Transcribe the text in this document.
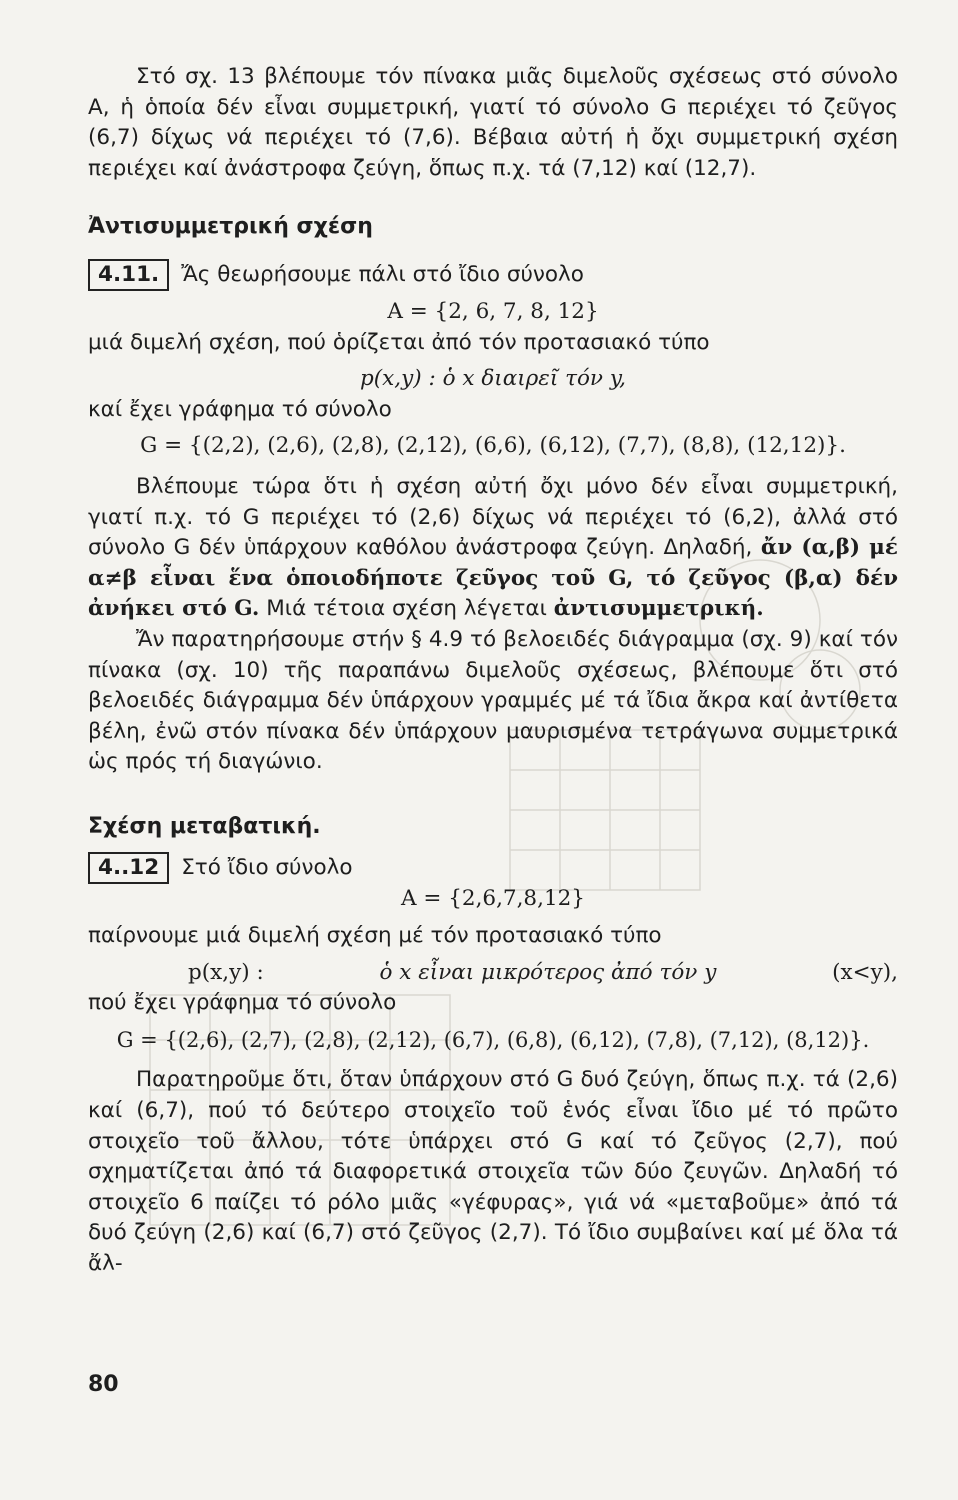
Στό σχ. 13 βλέπουμε τόν πίνακα μιᾶς διμελοῦς σχέσεως στό σύνολο Α, ἡ ὁποία δέν εἶναι συμμετρική, γιατί τό σύνολο G περιέχει τό ζεῦγος (6,7) δίχως νά περιέχει τό (7,6). Βέβαια αὐτή ἡ ὄχι συμμετρική σχέση περιέχει καί ἀνάστροφα ζεύγη, ὅπως π.χ. τά (7,12) καί (12,7).

Ἀντισυμμετρική σχέση

4.11. Ἄς θεωρήσουμε πάλι στό ἴδιο σύνολο

Α = {2, 6, 7, 8, 12}

μιά διμελή σχέση, πού ὁρίζεται ἀπό τόν προτασιακό τύπο

p(x,y) : ὁ x διαιρεῖ τόν y,

καί ἔχει γράφημα τό σύνολο

G = {(2,2), (2,6), (2,8), (2,12), (6,6), (6,12), (7,7), (8,8), (12,12)}.

Βλέπουμε τώρα ὅτι ἡ σχέση αὐτή ὄχι μόνο δέν εἶναι συμμετρική, γιατί π.χ. τό G περιέχει τό (2,6) δίχως νά περιέχει τό (6,2), ἀλλά στό σύνολο G δέν ὑπάρχουν καθόλου ἀνάστροφα ζεύγη. Δηλαδή, ἄν (α,β) μέ α≠β εἶναι ἕνα ὁποιοδήποτε ζεῦγος τοῦ G, τό ζεῦγος (β,α) δέν ἀνήκει στό G. Μιά τέτοια σχέση λέγεται ἀντισυμμετρική.

Ἄν παρατηρήσουμε στήν § 4.9 τό βελοειδές διάγραμμα (σχ. 9) καί τόν πίνακα (σχ. 10) τῆς παραπάνω διμελοῦς σχέσεως, βλέπουμε ὅτι στό βελοειδές διάγραμμα δέν ὑπάρχουν γραμμές μέ τά ἴδια ἄκρα καί ἀντίθετα βέλη, ἐνῶ στόν πίνακα δέν ὑπάρχουν μαυρισμένα τετράγωνα συμμετρικά ὡς πρός τή διαγώνιο.

Σχέση μεταβατική.

4..12 Στό ἴδιο σύνολο

Α = {2,6,7,8,12}

παίρνουμε μιά διμελή σχέση μέ τόν προτασιακό τύπο

p(x,y) :	ὁ x εἶναι μικρότερος ἀπό τόν y	(x<y),

πού ἔχει γράφημα τό σύνολο

G = {(2,6), (2,7), (2,8), (2,12), (6,7), (6,8), (6,12), (7,8), (7,12), (8,12)}.

Παρατηροῦμε ὅτι, ὅταν ὑπάρχουν στό G δυό ζεύγη, ὅπως π.χ. τά (2,6) καί (6,7), πού τό δεύτερο στοιχεῖο τοῦ ἑνός εἶναι ἴδιο μέ τό πρῶτο στοιχεῖο τοῦ ἄλλου, τότε ὑπάρχει στό G καί τό ζεῦγος (2,7), πού σχηματίζεται ἀπό τά διαφορετικά στοιχεῖα τῶν δύο ζευγῶν. Δηλαδή τό στοιχεῖο 6 παίζει τό ρόλο μιᾶς «γέφυρας», γιά νά «μεταβοῦμε» ἀπό τά δυό ζεύγη (2,6) καί (6,7) στό ζεῦγος (2,7). Τό ἴδιο συμβαίνει καί μέ ὅλα τά ἄλ-

80
